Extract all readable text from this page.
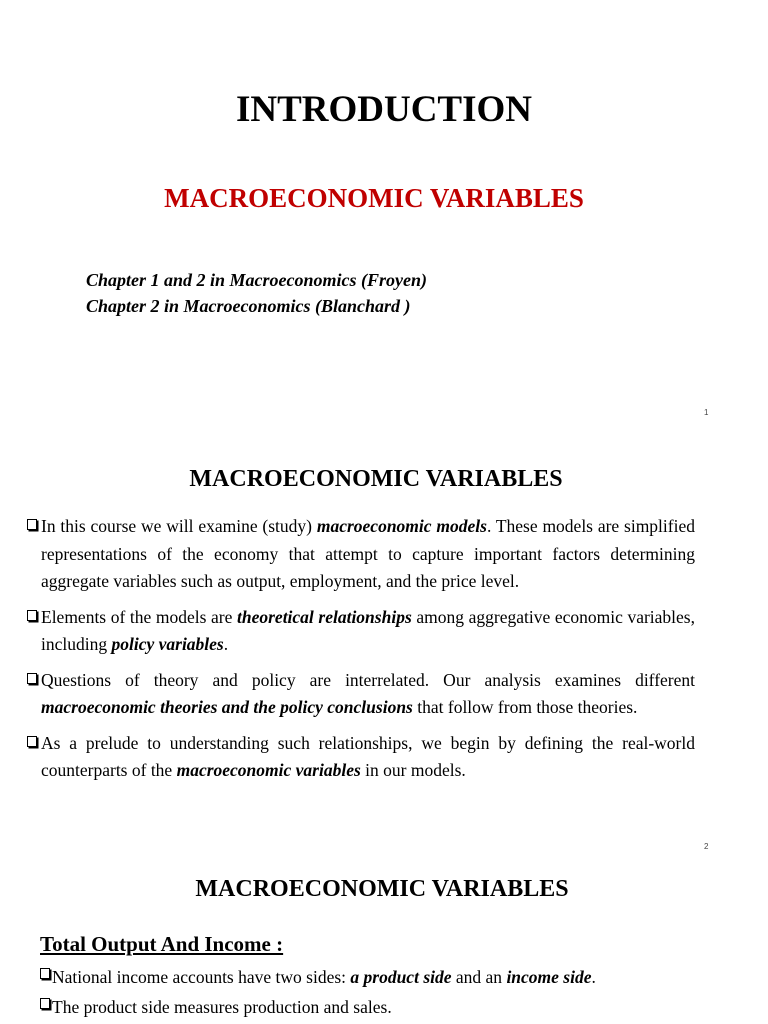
INTRODUCTION
MACROECONOMIC VARIABLES
Chapter 1 and 2 in Macroeconomics (Froyen)
Chapter 2 in Macroeconomics (Blanchard )
1
MACROECONOMIC VARIABLES
In this course we will examine (study) macroeconomic models. These models are simplified representations of the economy that attempt to capture important factors determining aggregate variables such as output, employment, and the price level.
Elements of the models are theoretical relationships among aggregative economic variables, including policy variables.
Questions of theory and policy are interrelated. Our analysis examines different macroeconomic theories and the policy conclusions that follow from those theories.
As a prelude to understanding such relationships, we begin by defining the real-world counterparts of the macroeconomic variables in our models.
2
MACROECONOMIC VARIABLES
Total Output And Income :
National income accounts have two sides: a product side and an income side.
The product side measures production and sales.
